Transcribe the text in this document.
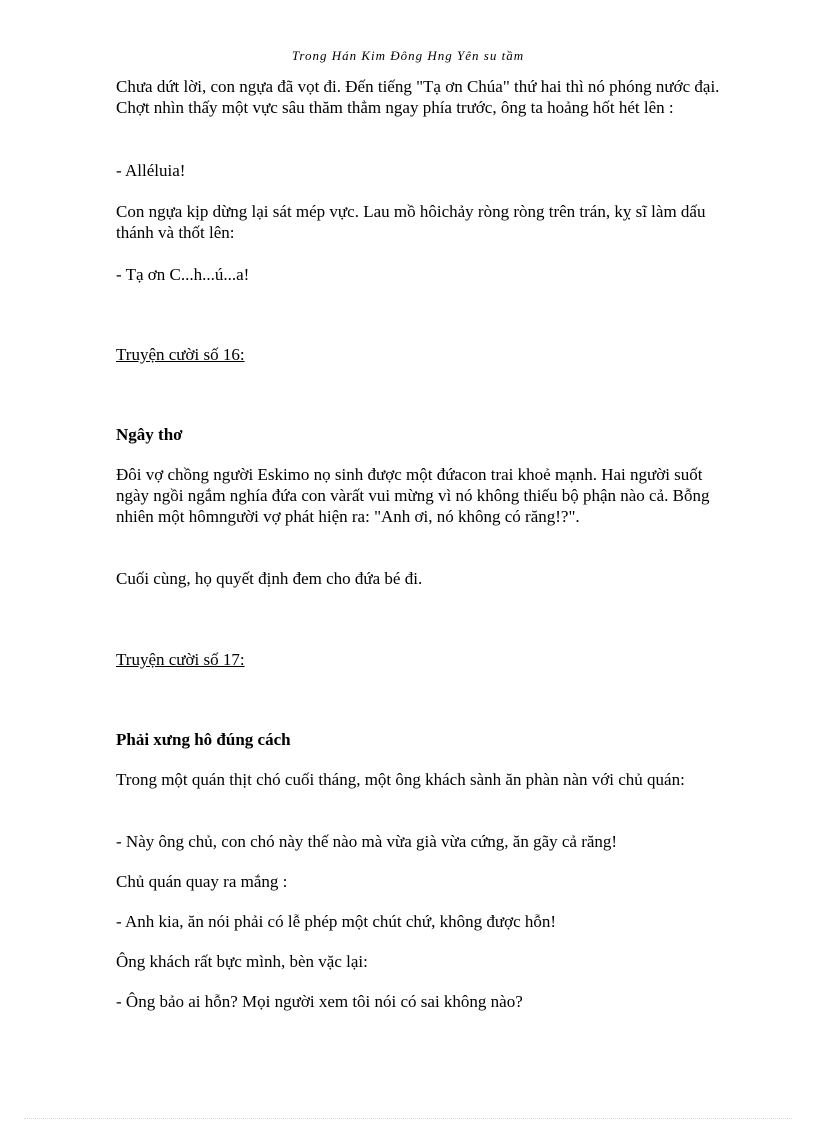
Trong Hán Kim Đông Hng Yên su tầm

Chưa dứt lời, con ngựa đã vọt đi. Đến tiếng "Tạ ơn Chúa" thứ hai thì nó phóng nước đại. Chợt nhìn thấy một vực sâu thăm thẳm ngay phía trước, ông ta hoảng hốt hét lên :

- Alléluia!

Con ngựa kịp dừng lại sát mép vực. Lau mồ hôichảy ròng ròng trên trán, kỵ sĩ làm dấu thánh và thốt lên:

- Tạ ơn C...h...ú...a!

Truyện cười số 16:

Ngây thơ

Đôi vợ chồng người Eskimo nọ sinh được một đứacon trai khoẻ mạnh. Hai người suốt ngày ngồi ngắm nghía đứa con vàrất vui mừng vì nó không thiếu bộ phận nào cả. Bỗng nhiên một hômngười vợ phát hiện ra: "Anh ơi, nó không có răng!?".

Cuối cùng, họ quyết định đem cho đứa bé đi.

Truyện cười số 17:

Phải xưng hô đúng cách

Trong một quán thịt chó cuối tháng, một ông khách sành ăn phàn nàn với chủ quán:

- Này ông chủ, con chó này thế nào mà vừa già vừa cứng, ăn gãy cả răng!

Chủ quán quay ra mắng :

- Anh kia, ăn nói phải có lễ phép một chút chứ, không được hỗn!

Ông khách rất bực mình, bèn vặc lại:

- Ông bảo ai hỗn? Mọi người xem tôi nói có sai không nào?
